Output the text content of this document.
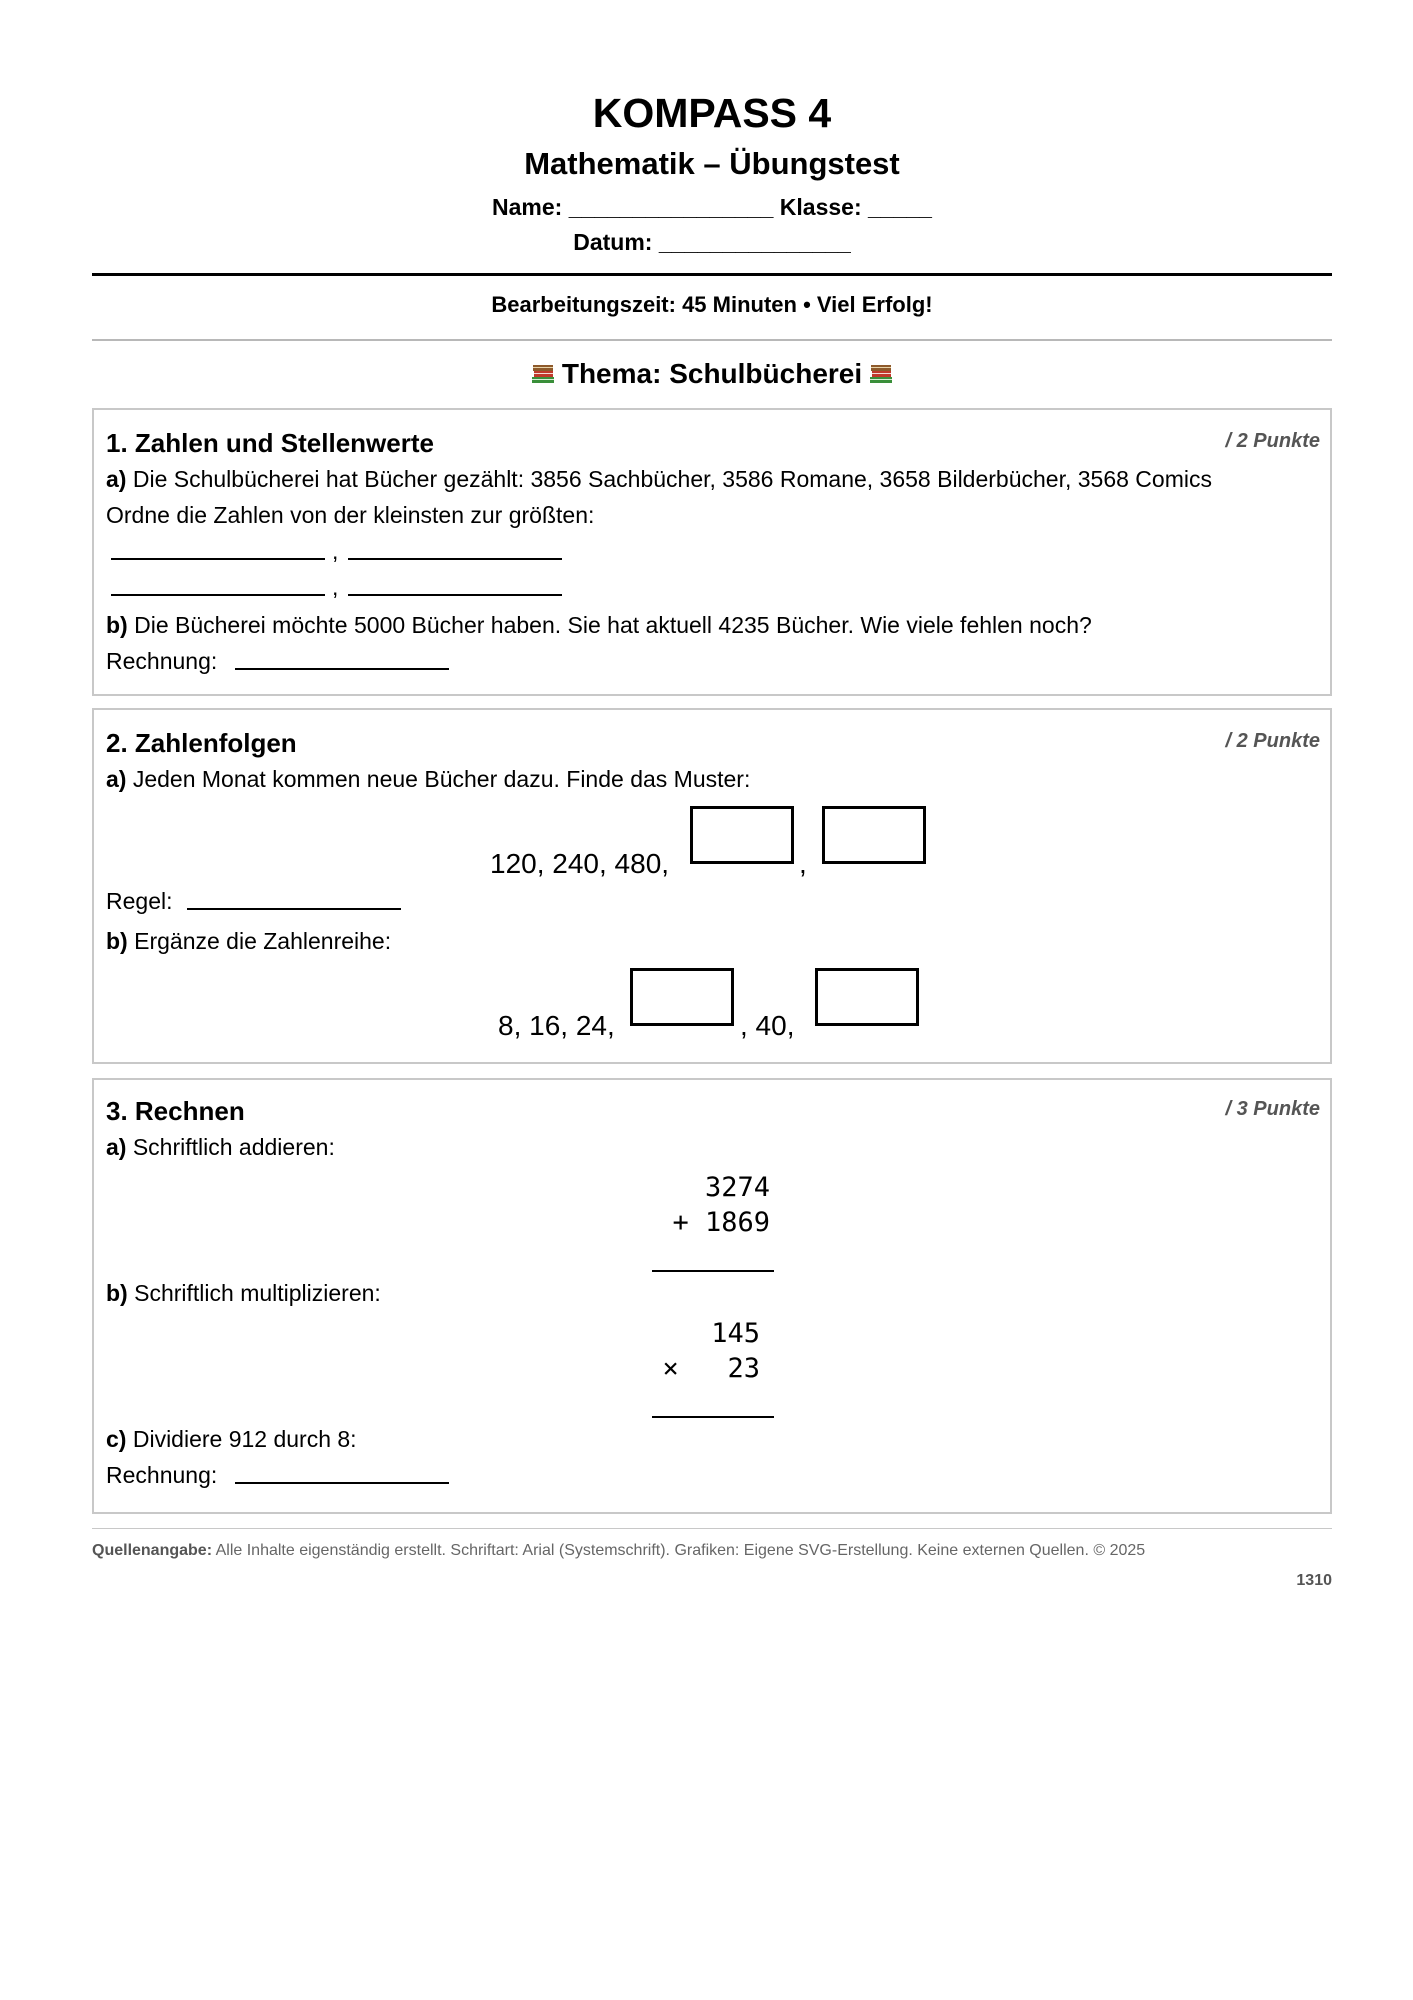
KOMPASS 4
Mathematik – Übungstest
Name: ________________ Klasse: _____
Datum: _______________
Bearbeitungszeit: 45 Minuten • Viel Erfolg!
Thema: Schulbücherei
1. Zahlen und Stellenwerte	/ 2 Punkte
a) Die Schulbücherei hat Bücher gezählt: 3856 Sachbücher, 3586 Romane, 3658 Bilderbücher, 3568 Comics
Ordne die Zahlen von der kleinsten zur größten:
,
,
b) Die Bücherei möchte 5000 Bücher haben. Sie hat aktuell 4235 Bücher. Wie viele fehlen noch?
Rechnung:
2. Zahlenfolgen	/ 2 Punkte
a) Jeden Monat kommen neue Bücher dazu. Finde das Muster:
120, 240, 480,	,
Regel:
b) Ergänze die Zahlenreihe:
8, 16, 24,	, 40,
3. Rechnen	/ 3 Punkte
a) Schriftlich addieren:
3274
+ 1869
b) Schriftlich multiplizieren:
145
×   23
c) Dividiere 912 durch 8:
Rechnung:
Quellenangabe: Alle Inhalte eigenständig erstellt. Schriftart: Arial (Systemschrift). Grafiken: Eigene SVG-Erstellung. Keine externen Quellen. © 2025
1310
